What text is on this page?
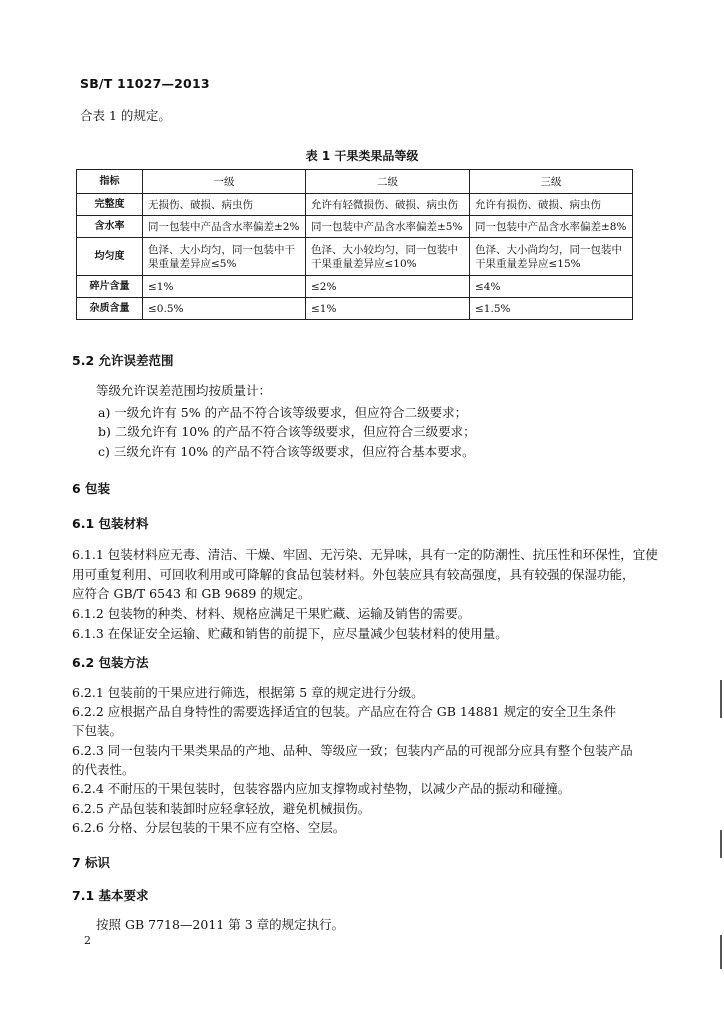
SB/T 11027—2013
合表 1 的规定。
表 1 干果类果品等级
指标	一级	二级	三级
完整度	无损伤、破损、病虫伤	允许有轻微损伤、破损、病虫伤	允许有损伤、破损、病虫伤
含水率	同一包装中产品含水率偏差±2%	同一包装中产品含水率偏差±5%	同一包装中产品含水率偏差±8%
均匀度	色泽、大小均匀，同一包装中干果重量差异应≤5%	色泽、大小较均匀，同一包装中干果重量差异应≤10%	色泽、大小尚均匀，同一包装中干果重量差异应≤15%
碎片含量	≤1%	≤2%	≤4%
杂质含量	≤0.5%	≤1%	≤1.5%
5.2 允许误差范围
等级允许误差范围均按质量计：
a) 一级允许有 5% 的产品不符合该等级要求，但应符合二级要求；
b) 二级允许有 10% 的产品不符合该等级要求，但应符合三级要求；
c) 三级允许有 10% 的产品不符合该等级要求，但应符合基本要求。
6 包装
6.1 包装材料
6.1.1 包装材料应无毒、清洁、干燥、牢固、无污染、无异味，具有一定的防潮性、抗压性和环保性，宜使
用可重复利用、可回收利用或可降解的食品包装材料。外包装应具有较高强度，具有较强的保湿功能，
应符合 GB/T 6543 和 GB 9689 的规定。
6.1.2 包装物的种类、材料、规格应满足干果贮藏、运输及销售的需要。
6.1.3 在保证安全运输、贮藏和销售的前提下，应尽量减少包装材料的使用量。
6.2 包装方法
6.2.1 包装前的干果应进行筛选，根据第 5 章的规定进行分级。
6.2.2 应根据产品自身特性的需要选择适宜的包装。产品应在符合 GB 14881 规定的安全卫生条件
下包装。
6.2.3 同一包装内干果类果品的产地、品种、等级应一致；包装内产品的可视部分应具有整个包装产品
的代表性。
6.2.4 不耐压的干果包装时，包装容器内应加支撑物或衬垫物，以减少产品的振动和碰撞。
6.2.5 产品包装和装卸时应轻拿轻放，避免机械损伤。
6.2.6 分格、分层包装的干果不应有空格、空层。
7 标识
7.1 基本要求
按照 GB 7718—2011 第 3 章的规定执行。
2
